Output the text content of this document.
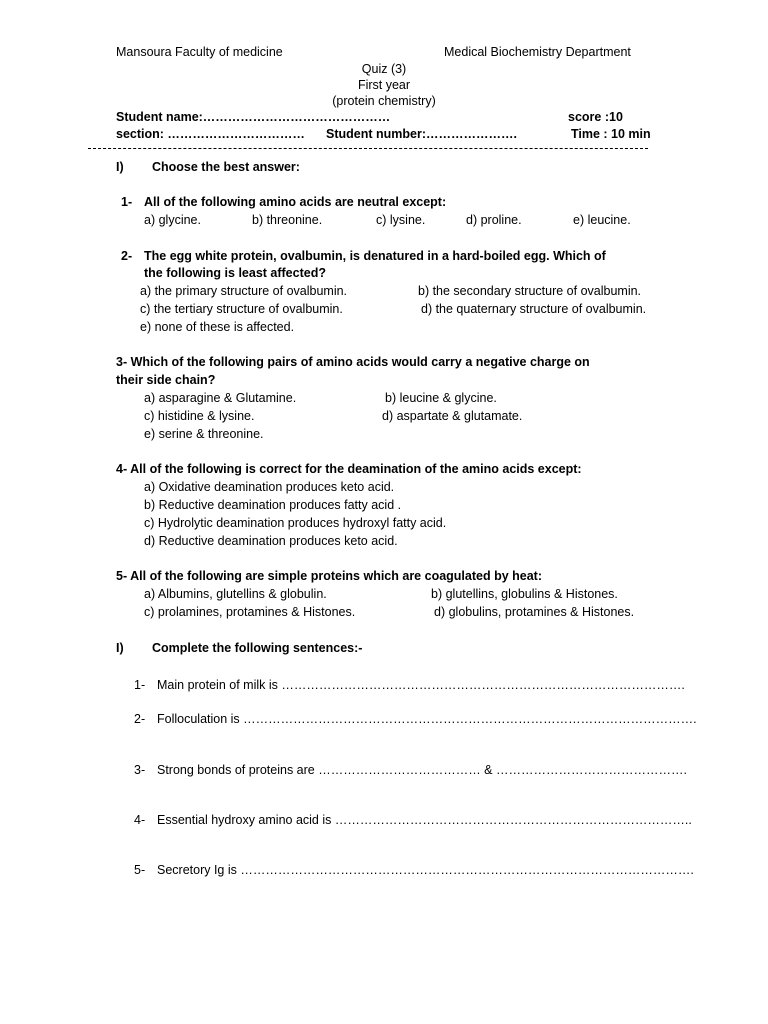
Mansoura Faculty of medicine	Medical Biochemistry Department
Quiz (3)
First year
(protein chemistry)
Student name:………………………………………	score :10
section: …………………………… Student number:………………….	Time : 10 min
I) Choose the best answer:
1- All of the following amino acids are neutral except:
a) glycine.	b) threonine.	c) lysine.	d) proline.	e) leucine.
2- The egg white protein, ovalbumin, is denatured in a hard-boiled egg. Which of
the following is least affected?
a) the primary structure of ovalbumin.	b) the secondary structure of ovalbumin.
c) the tertiary structure of ovalbumin.	d) the quaternary structure of ovalbumin.
e) none of these is affected.
3- Which of the following pairs of amino acids would carry a negative charge on
their side chain?
a) asparagine & Glutamine.	b) leucine & glycine.
c) histidine & lysine.	d) aspartate & glutamate.
e) serine & threonine.
4- All of the following is correct for the deamination of the amino acids except:
a) Oxidative deamination produces keto acid.
b) Reductive deamination produces fatty acid .
c) Hydrolytic deamination produces hydroxyl fatty acid.
d) Reductive deamination produces keto acid.
5- All of the following are simple proteins which are coagulated by heat:
a) Albumins, glutellins & globulin.	b) glutellins, globulins & Histones.
c) prolamines, protamines & Histones.	d) globulins, protamines & Histones.
I) Complete the following sentences:-
1- Main protein of milk is …………………………………………………………………………………….
2- Folloculation is ……………………………………………………………………………………………….
3- Strong bonds of proteins are ………………………………… & ……………………………………….
4- Essential hydroxy amino acid is …………………………………………………………………………..
5- Secretory Ig is ……………………………………………………………………………………………….
